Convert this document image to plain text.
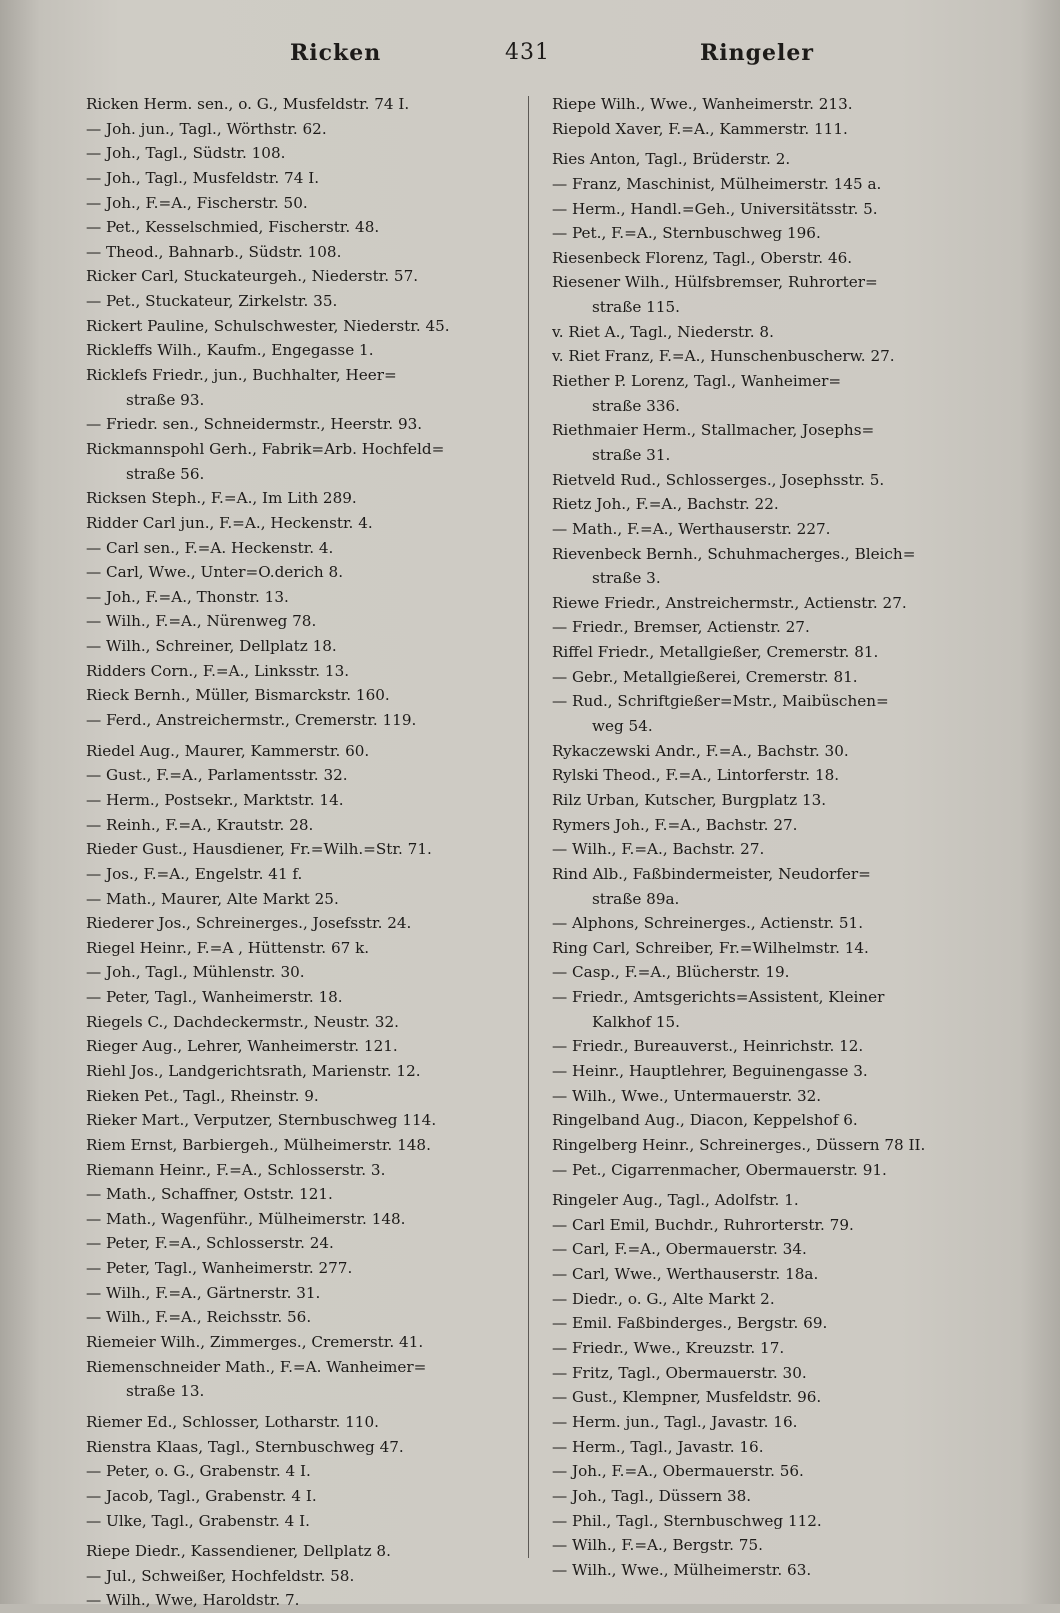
Ricken	431	Ringeler
Ricken Herm. sen., o. G., Musfeldstr. 74 I.
— Joh. jun., Tagl., Wörthstr. 62.
— Joh., Tagl., Südstr. 108.
— Joh., Tagl., Musfeldstr. 74 I.
— Joh., F.=A., Fischerstr. 50.
— Pet., Kesselschmied, Fischerstr. 48.
— Theod., Bahnarb., Südstr. 108.
Ricker Carl, Stuckateurgeh., Niederstr. 57.
— Pet., Stuckateur, Zirkelstr. 35.
Rickert Pauline, Schulschwester, Niederstr. 45.
Rickleffs Wilh., Kaufm., Engegasse 1.
Ricklefs Friedr., jun., Buchhalter, Heer=
straße 93.
— Friedr. sen., Schneidermstr., Heerstr. 93.
Rickmannspohl Gerh., Fabrik=Arb. Hochfeld=
straße 56.
Ricksen Steph., F.=A., Im Lith 289.
Ridder Carl jun., F.=A., Heckenstr. 4.
— Carl sen., F.=A. Heckenstr. 4.
— Carl, Wwe., Unter=O.derich 8.
— Joh., F.=A., Thonstr. 13.
— Wilh., F.=A., Nürenweg 78.
— Wilh., Schreiner, Dellplatz 18.
Ridders Corn., F.=A., Linksstr. 13.
Rieck Bernh., Müller, Bismarckstr. 160.
— Ferd., Anstreichermstr., Cremerstr. 119.
Riedel Aug., Maurer, Kammerstr. 60.
— Gust., F.=A., Parlamentsstr. 32.
— Herm., Postsekr., Marktstr. 14.
— Reinh., F.=A., Krautstr. 28.
Rieder Gust., Hausdiener, Fr.=Wilh.=Str. 71.
— Jos., F.=A., Engelstr. 41 f.
— Math., Maurer, Alte Markt 25.
Riederer Jos., Schreinerges., Josefsstr. 24.
Riegel Heinr., F.=A , Hüttenstr. 67 k.
— Joh., Tagl., Mühlenstr. 30.
— Peter, Tagl., Wanheimerstr. 18.
Riegels C., Dachdeckermstr., Neustr. 32.
Rieger Aug., Lehrer, Wanheimerstr. 121.
Riehl Jos., Landgerichtsrath, Marienstr. 12.
Rieken Pet., Tagl., Rheinstr. 9.
Rieker Mart., Verputzer, Sternbuschweg 114.
Riem Ernst, Barbiergeh., Mülheimerstr. 148.
Riemann Heinr., F.=A., Schlosserstr. 3.
— Math., Schaffner, Oststr. 121.
— Math., Wagenführ., Mülheimerstr. 148.
— Peter, F.=A., Schlosserstr. 24.
— Peter, Tagl., Wanheimerstr. 277.
— Wilh., F.=A., Gärtnerstr. 31.
— Wilh., F.=A., Reichsstr. 56.
Riemeier Wilh., Zimmerges., Cremerstr. 41.
Riemenschneider Math., F.=A. Wanheimer=
straße 13.
Riemer Ed., Schlosser, Lotharstr. 110.
Rienstra Klaas, Tagl., Sternbuschweg 47.
— Peter, o. G., Grabenstr. 4 I.
— Jacob, Tagl., Grabenstr. 4 I.
— Ulke, Tagl., Grabenstr. 4 I.
Riepe Diedr., Kassendiener, Dellplatz 8.
— Jul., Schweißer, Hochfeldstr. 58.
— Wilh., Wwe, Haroldstr. 7.
Riepe Wilh., Wwe., Wanheimerstr. 213.
Riepold Xaver, F.=A., Kammerstr. 111.
Ries Anton, Tagl., Brüderstr. 2.
— Franz, Maschinist, Mülheimerstr. 145 a.
— Herm., Handl.=Geh., Universitätsstr. 5.
— Pet., F.=A., Sternbuschweg 196.
Riesenbeck Florenz, Tagl., Oberstr. 46.
Riesener Wilh., Hülfsbremser, Ruhrorter=
straße 115.
v. Riet A., Tagl., Niederstr. 8.
v. Riet Franz, F.=A., Hunschenbuscherw. 27.
Riether P. Lorenz, Tagl., Wanheimer=
straße 336.
Riethmaier Herm., Stallmacher, Josephs=
straße 31.
Rietveld Rud., Schlosserges., Josephsstr. 5.
Rietz Joh., F.=A., Bachstr. 22.
— Math., F.=A., Werthauserstr. 227.
Rievenbeck Bernh., Schuhmacherges., Bleich=
straße 3.
Riewe Friedr., Anstreichermstr., Actienstr. 27.
— Friedr., Bremser, Actienstr. 27.
Riffel Friedr., Metallgießer, Cremerstr. 81.
— Gebr., Metallgießerei, Cremerstr. 81.
— Rud., Schriftgießer=Mstr., Maibüschen=
weg 54.
Rykaczewski Andr., F.=A., Bachstr. 30.
Rylski Theod., F.=A., Lintorferstr. 18.
Rilz Urban, Kutscher, Burgplatz 13.
Rymers Joh., F.=A., Bachstr. 27.
— Wilh., F.=A., Bachstr. 27.
Rind Alb., Faßbindermeister, Neudorfer=
straße 89a.
— Alphons, Schreinerges., Actienstr. 51.
Ring Carl, Schreiber, Fr.=Wilhelmstr. 14.
— Casp., F.=A., Blücherstr. 19.
— Friedr., Amtsgerichts=Assistent, Kleiner
Kalkhof 15.
— Friedr., Bureauverst., Heinrichstr. 12.
— Heinr., Hauptlehrer, Beguinengasse 3.
— Wilh., Wwe., Untermauerstr. 32.
Ringelband Aug., Diacon, Keppelshof 6.
Ringelberg Heinr., Schreinerges., Düssern 78 II.
— Pet., Cigarrenmacher, Obermauerstr. 91.
Ringeler Aug., Tagl., Adolfstr. 1.
— Carl Emil, Buchdr., Ruhrorterstr. 79.
— Carl, F.=A., Obermauerstr. 34.
— Carl, Wwe., Werthauserstr. 18a.
— Diedr., o. G., Alte Markt 2.
— Emil. Faßbinderges., Bergstr. 69.
— Friedr., Wwe., Kreuzstr. 17.
— Fritz, Tagl., Obermauerstr. 30.
— Gust., Klempner, Musfeldstr. 96.
— Herm. jun., Tagl., Javastr. 16.
— Herm., Tagl., Javastr. 16.
— Joh., F.=A., Obermauerstr. 56.
— Joh., Tagl., Düssern 38.
— Phil., Tagl., Sternbuschweg 112.
— Wilh., F.=A., Bergstr. 75.
— Wilh., Wwe., Mülheimerstr. 63.
